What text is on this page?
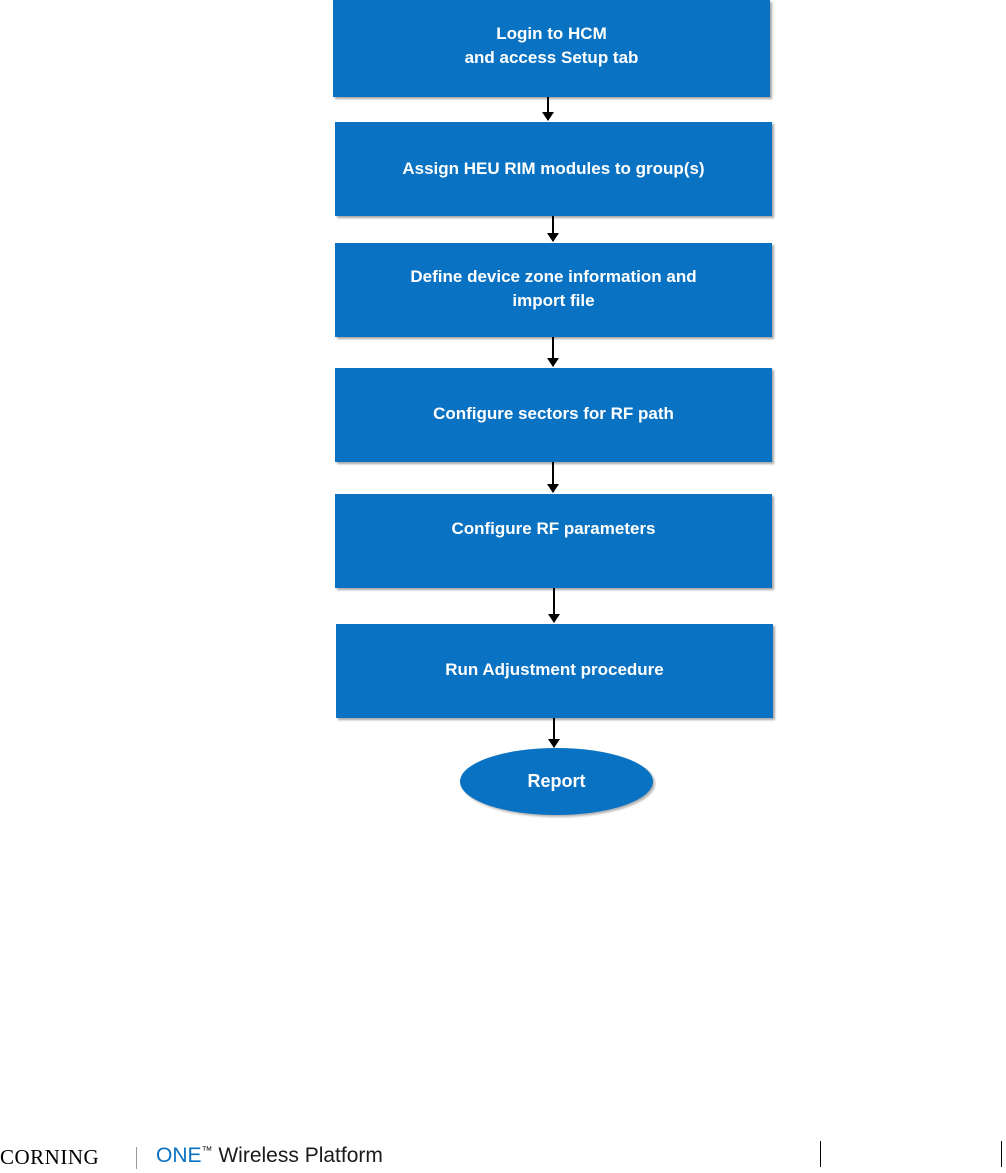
Login to HCM
and access Setup tab
Assign HEU RIM modules to group(s)
Define device zone information and
import file
Configure sectors for RF path
Configure RF parameters
Run Adjustment procedure
Report
CORNING	ONE™ Wireless Platform
